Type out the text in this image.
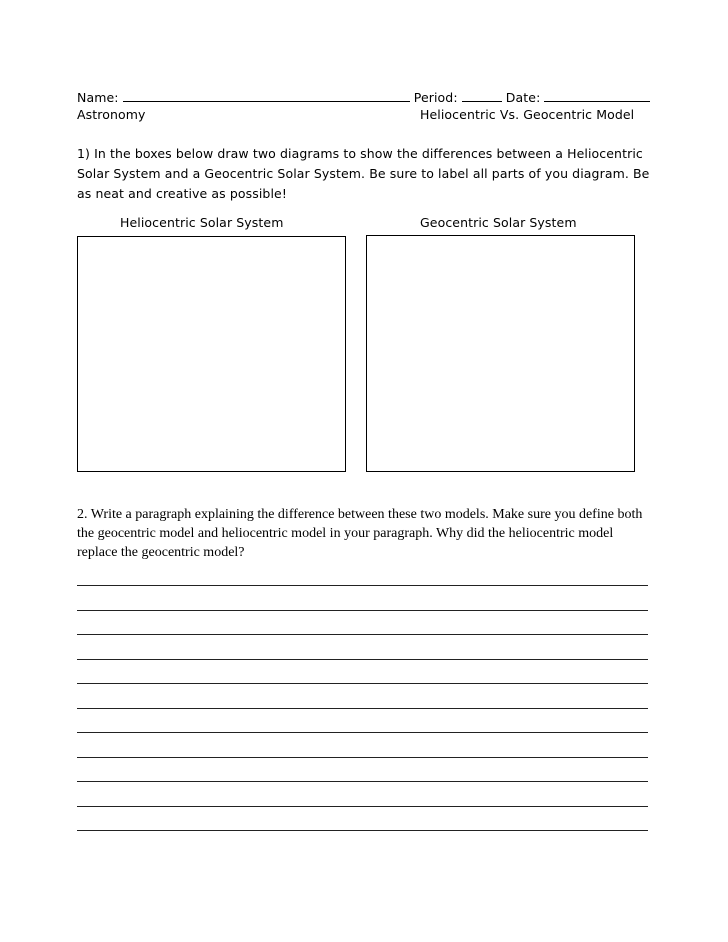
Name:	Period:	Date:
Astronomy	Heliocentric Vs. Geocentric Model
1) In the boxes below draw two diagrams to show the differences between a Heliocentric Solar System and a Geocentric Solar System. Be sure to label all parts of you diagram. Be as neat and creative as possible!
Heliocentric Solar System	Geocentric Solar System
2. Write a paragraph explaining the difference between these two models. Make sure you define both the geocentric model and heliocentric model in your paragraph. Why did the heliocentric model replace the geocentric model?
